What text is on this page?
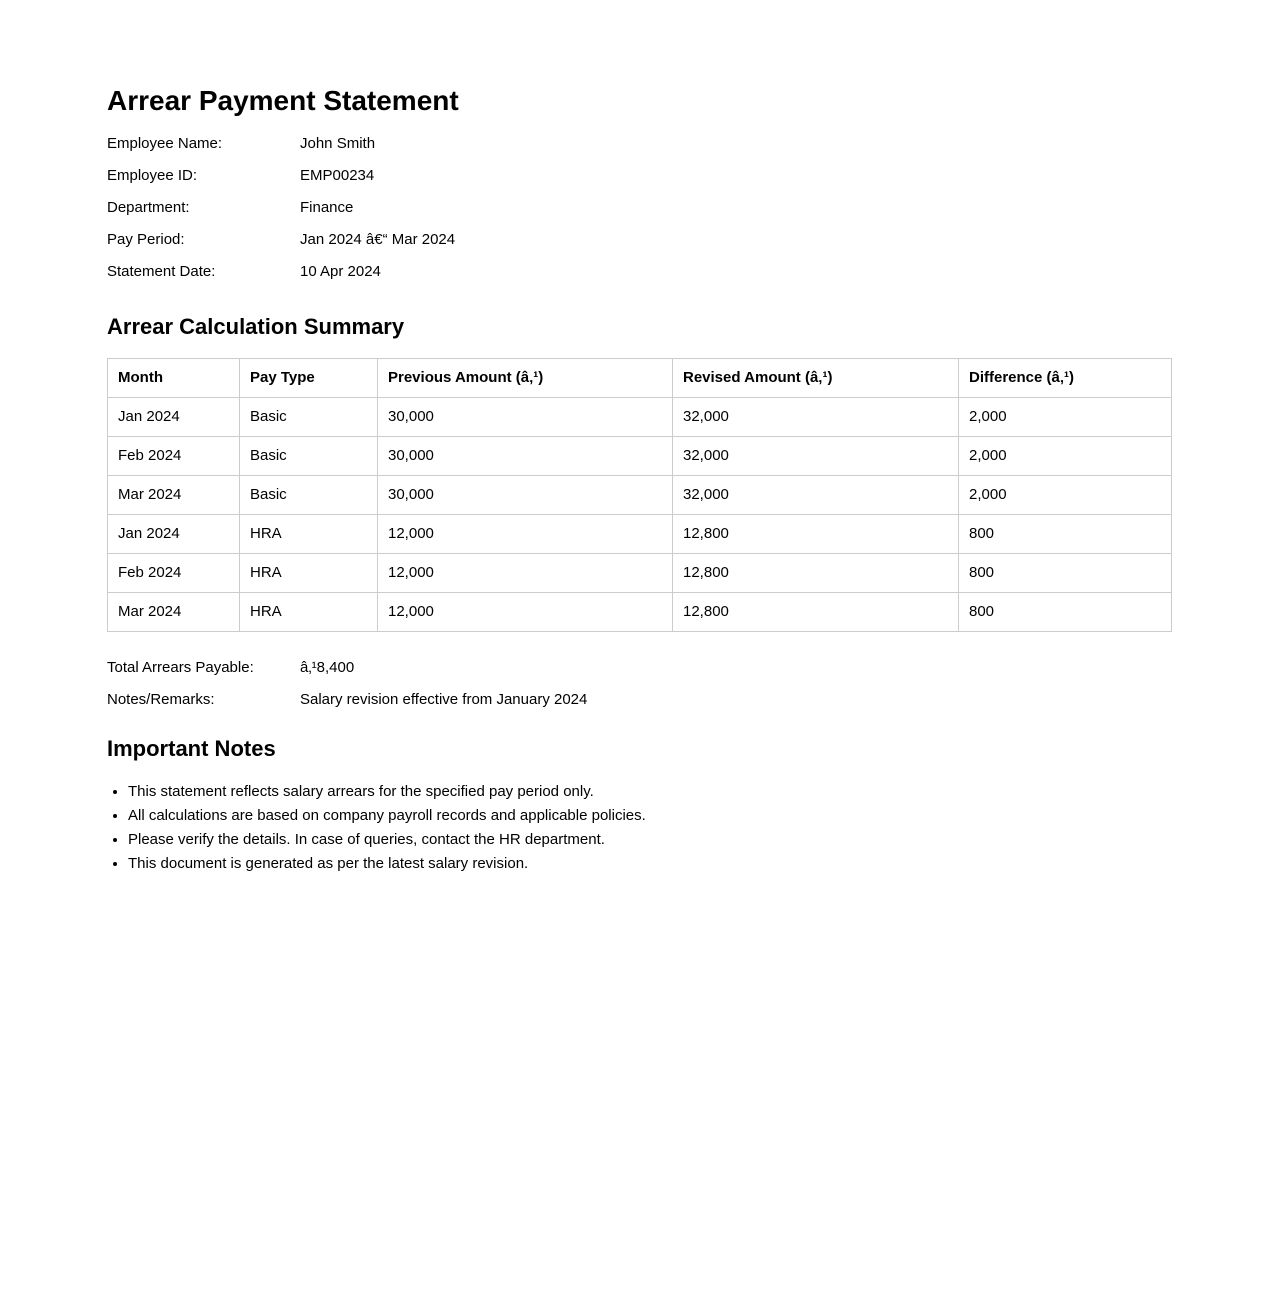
Arrear Payment Statement
Employee Name:	John Smith
Employee ID:	EMP00234
Department:	Finance
Pay Period:	Jan 2024 â€“ Mar 2024
Statement Date:	10 Apr 2024
Arrear Calculation Summary
Month	Pay Type	Previous Amount (â‚¹)	Revised Amount (â‚¹)	Difference (â‚¹)
Jan 2024	Basic	30,000	32,000	2,000
Feb 2024	Basic	30,000	32,000	2,000
Mar 2024	Basic	30,000	32,000	2,000
Jan 2024	HRA	12,000	12,800	800
Feb 2024	HRA	12,000	12,800	800
Mar 2024	HRA	12,000	12,800	800
Total Arrears Payable:	â‚¹8,400
Notes/Remarks:	Salary revision effective from January 2024
Important Notes
• This statement reflects salary arrears for the specified pay period only.
• All calculations are based on company payroll records and applicable policies.
• Please verify the details. In case of queries, contact the HR department.
• This document is generated as per the latest salary revision.
